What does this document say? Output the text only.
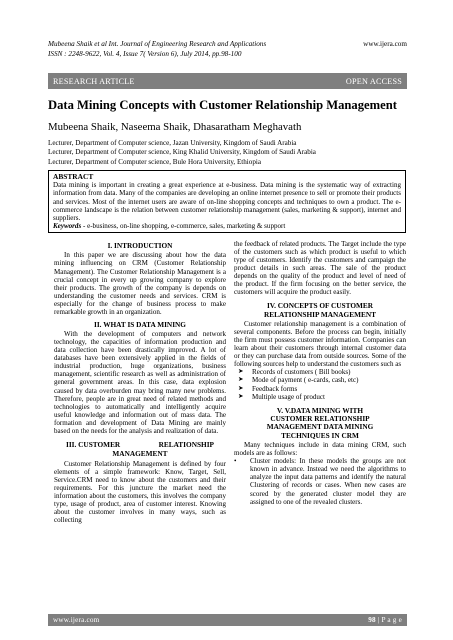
Mubeena Shaik et al Int. Journal of Engineering Research and Applications
ISSN : 2248-9622, Vol. 4, Issue 7( Version 6), July 2014, pp.98-100
www.ijera.com
RESEARCH ARTICLE	OPEN ACCESS
Data Mining Concepts with Customer Relationship Management
Mubeena Shaik, Naseema Shaik, Dhasaratham Meghavath
Lecturer, Department of Computer science, Jazan University, Kingdom of Saudi Arabia
Lecturer, Department of Computer science, King Khalid University, Kingdom of Saudi Arabia
Lecturer, Department of Computer science, Bule Hora University, Ethiopia
ABSTRACT
Data mining is important in creating a great experience at e-business. Data mining is the systematic way of extracting information from data. Many of the companies are developing an online internet presence to sell or promote their products and services. Most of the internet users are aware of on-line shopping concepts and techniques to own a product. The e-commerce landscape is the relation between customer relationship management (sales, marketing & support), internet and suppliers.
Keywords - e-business, on-line shopping, e-commerce, sales, marketing & support
I. INTRODUCTION

In this paper we are discussing about how the data mining influencing on CRM (Customer Relationship Management). The Customer Relationship Management is a crucial concept in every up growing company to explore their products. The growth of the company is depends on understanding the customer needs and services. CRM is especially for the change of business process to make remarkable growth in an organization.

II. WHAT IS DATA MINING

With the development of computers and network technology, the capacities of information production and data collection have been drastically improved. A lot of databases have been extensively applied in the fields of industrial production, huge organizations, business management, scientific research as well as administration of general government areas. In this case, data explosion caused by data overburden may bring many new problems. Therefore, people are in great need of related methods and technologies to automatically and intelligently acquire useful knowledge and information out of mass data. The formation and development of Data Mining are mainly based on the needs for the analysis and realization of data.

III. CUSTOMER	RELATIONSHIP
MANAGEMENT

Customer Relationship Management is defined by four elements of a simple framework: Know, Target, Sell, Service.CRM need to know about the customers and their requirements. For this juncture the market need the information about the customers, this involves the company type, usage of product, area of customer interest. Knowing about the customer involves in many ways, such as collecting

the feedback of related products. The Target include the type of the customers such as which product is useful to which type of customers. Identify the customers and campaign the product details in such areas. The sale of the product depends on the quality of the product and level of need of the product. If the firm focusing on the better service, the customers will acquire the product easily.

IV. CONCEPTS OF CUSTOMER
RELATIONSHIP MANAGEMENT

Customer relationship management is a combination of several components. Before the process can begin, initially the firm must possess customer information. Companies can learn about their customers through internal customer data or they can purchase data from outside sources. Some of the following sources help to understand the customers such as

➤ Records of customers ( Bill books)
➤ Mode of payment ( e-cards, cash, etc)
➤ Feedback forms
➤ Multiple usage of product
V. V.DATA MINING WITH
CUSTOMER RELATIONSHIP
MANAGEMENT DATA MINING
TECHNIQUES IN CRM

Many techniques include in data mining CRM, such models are as follows:

• Cluster models: In these models the groups are not known in advance. Instead we need the algorithms to analyze the input data patterns and identify the natural Clustering of records or cases. When new cases are scored by the generated cluster model they are assigned to one of the revealed clusters.
www.ijera.com	98 | P a g e
